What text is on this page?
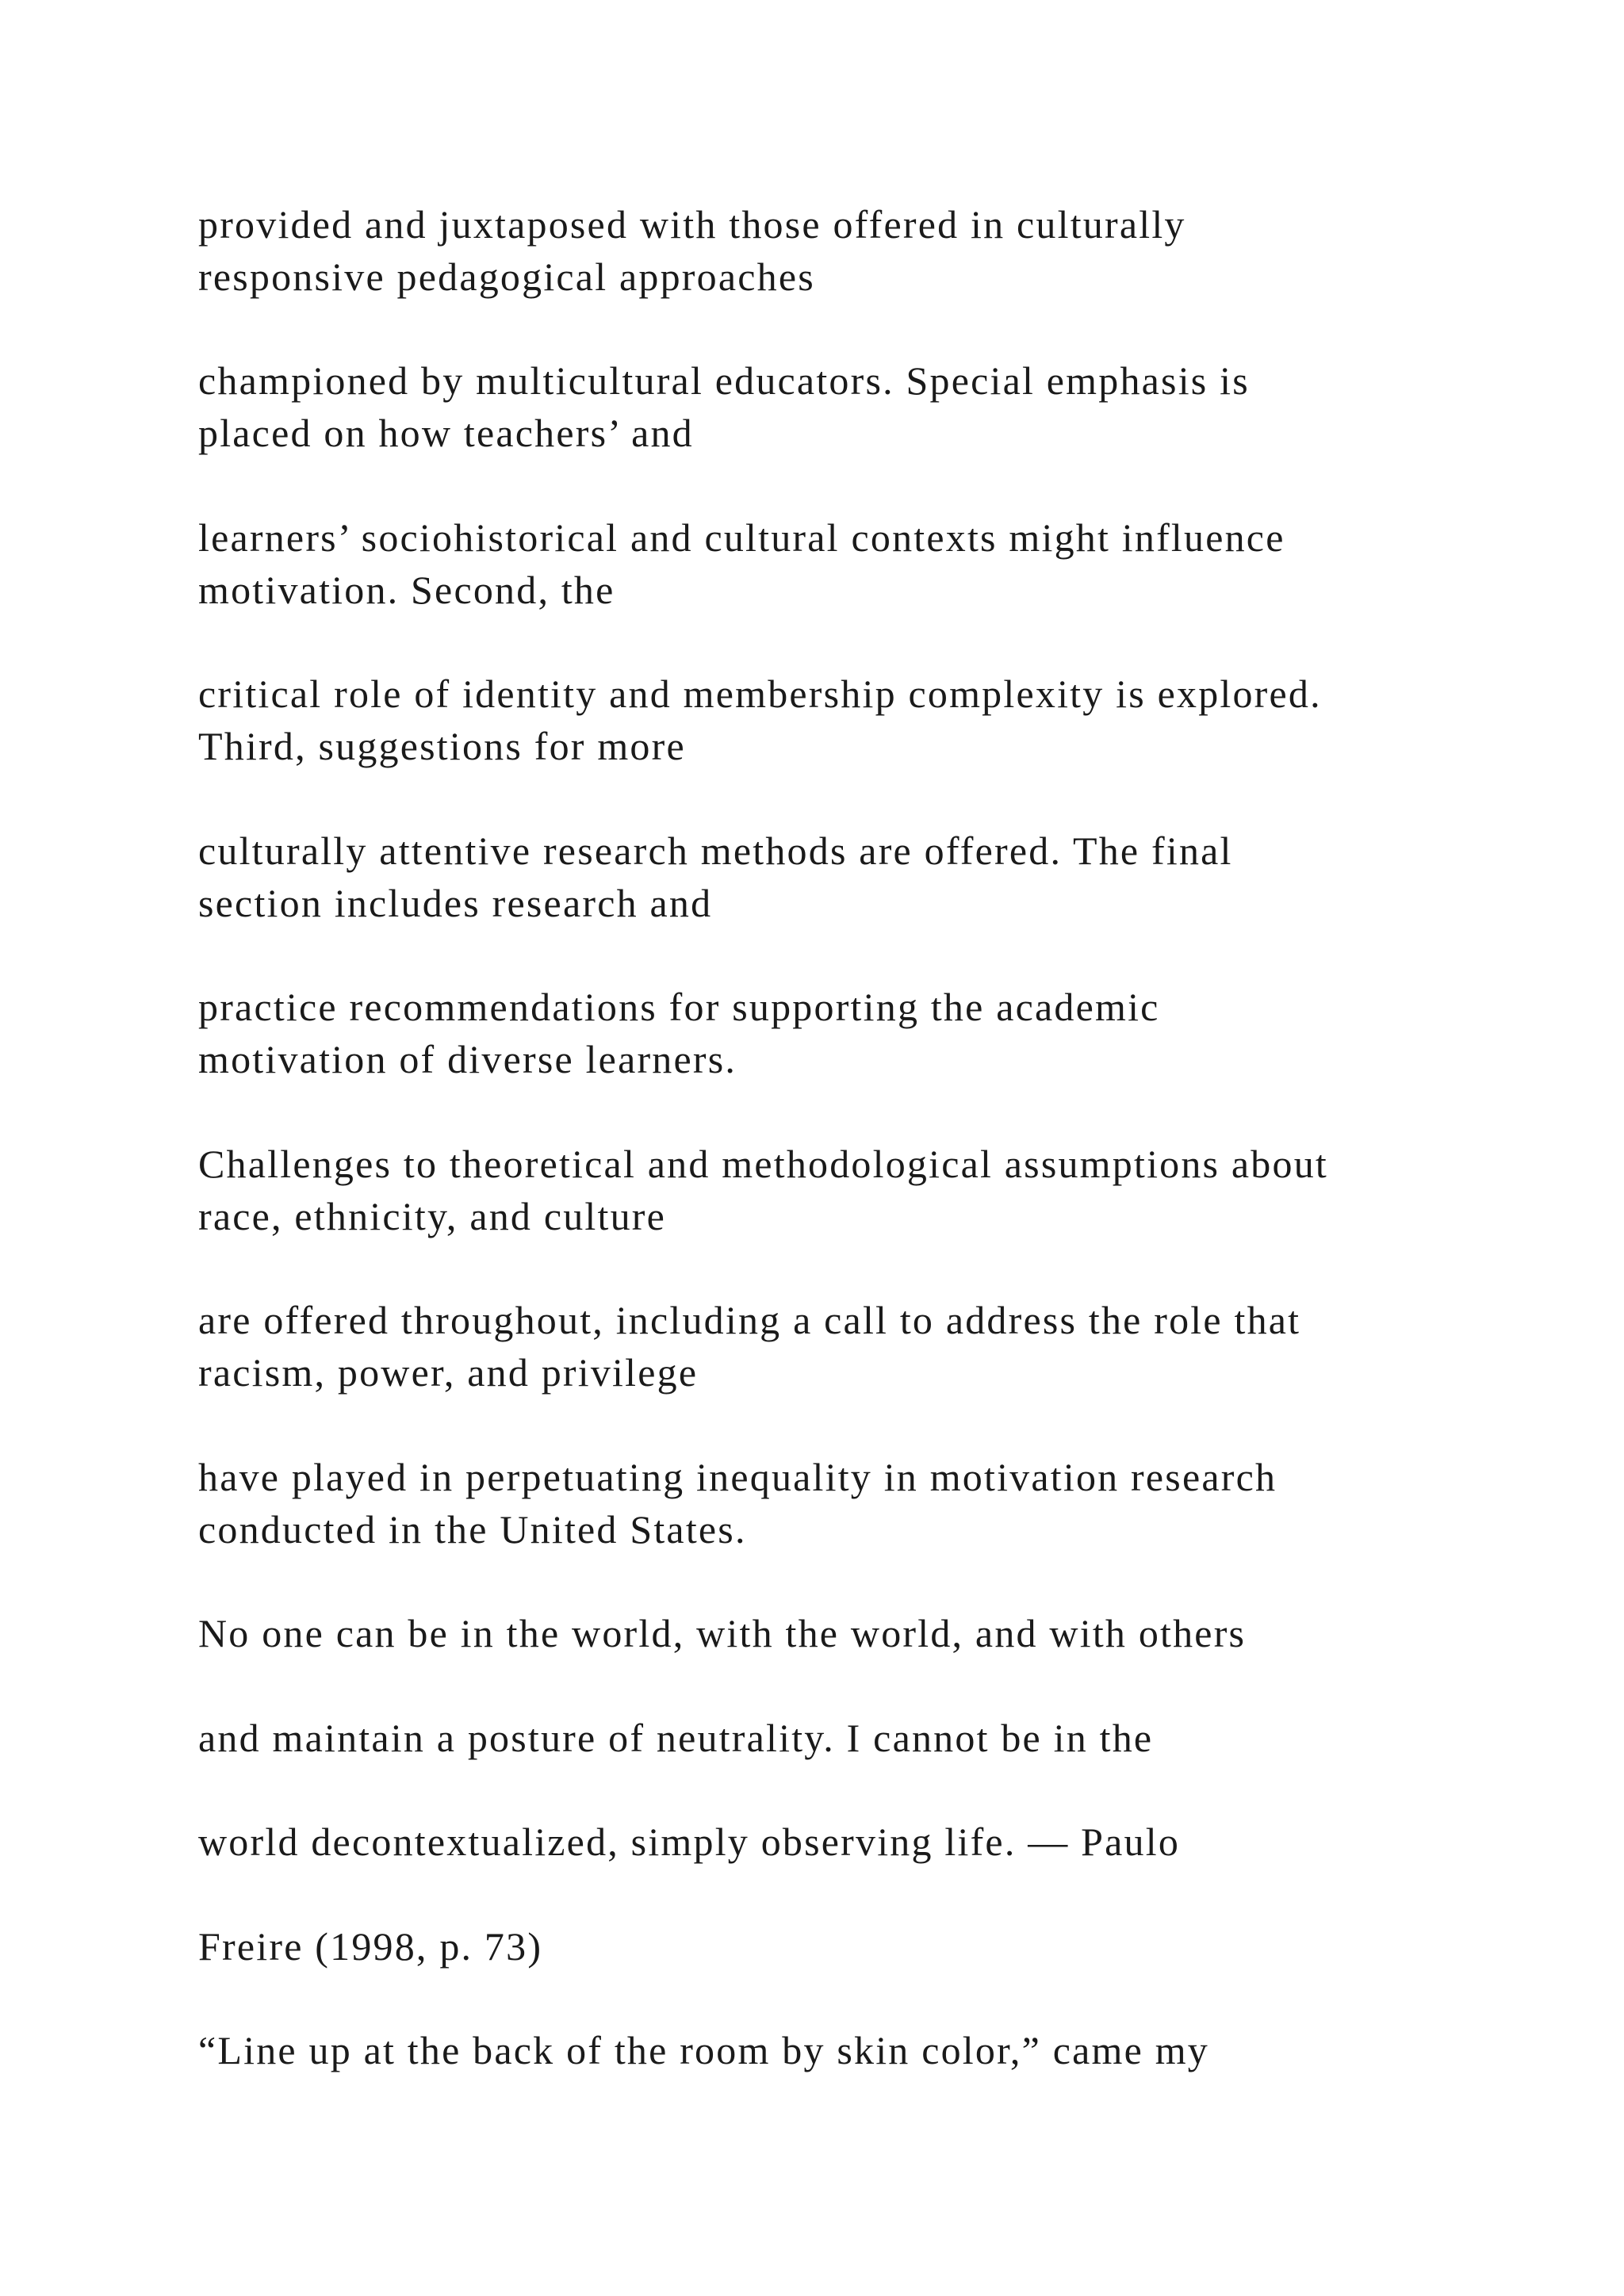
provided and juxtaposed with those offered in culturally

responsive pedagogical approaches

championed by multicultural educators. Special emphasis is

placed on how teachers’ and

learners’ sociohistorical and cultural contexts might influence

motivation. Second, the

critical role of identity and membership complexity is explored.

Third, suggestions for more

culturally attentive research methods are offered. The final

section includes research and

practice recommendations for supporting the academic

motivation of diverse learners.

Challenges to theoretical and methodological assumptions about

race, ethnicity, and culture

are offered throughout, including a call to address the role that

racism, power, and privilege

have played in perpetuating inequality in motivation research

conducted in the United States.

No one can be in the world, with the world, and with others

and maintain a posture of neutrality. I cannot be in the

world decontextualized, simply observing life. — Paulo

Freire (1998, p. 73)

“Line up at the back of the room by skin color,” came my
